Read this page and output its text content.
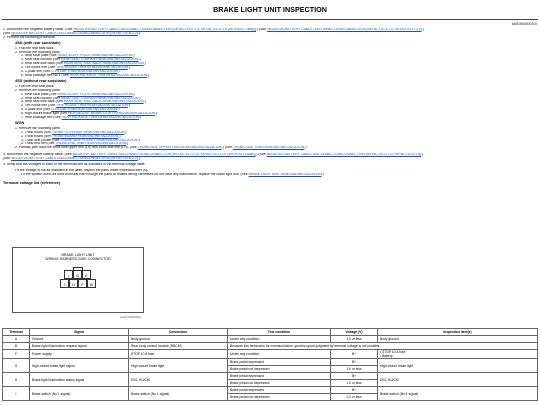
BRAKE LIGHT UNIT INSPECTION
id0818b0400100
1. Disconnect the negative battery cable. (See NEGATIVE BATTERY CABLE DISCONNECTION/CONNECTION [SKYACTIV-G 2.5, SKYACTIV-G 2.5 (WITHOUT i-stop)].) (See NEGATIVE BATTERY CABLE DISCONNECTION/CONNECTION [SKYACTIV-G 2.0, SKYACTIV-G 2.5].)
(See NEGATIVE BATTERY CABLE DISCONNECTION/CONNECTION [SKYACTIV-D 2.2].)
2. Perform the following procedure.
4SD (with rear sunshade)
1. Fold the rear seat back.
2. Remove the following parts:
1. Rear scuff plate (See REAR SCUFF PLATE REMOVAL/INSTALLATION.)
2. Rear seat cushion (See REAR SEAT CUSHION REMOVAL/INSTALLATION.)
3. Rear seat side back (See REAR SEAT SIDE BACK REMOVAL/INSTALLATION.)
4. Tire house trim (See TIRE HOUSE TRIM REMOVAL/INSTALLATION.)
5. C-pillar trim (See C-PILLAR TRIM REMOVAL/INSTALLATION.)
6. Rear package trim No.1 (See REAR PACKAGE TRIM REMOVAL/INSTALLATION.)
4SD (without rear sunshade)
1. Fold the rear seat back.
2. Remove the following parts:
1. Rear scuff plate (See REAR SCUFF PLATE REMOVAL/INSTALLATION.)
2. Rear seat cushion (See REAR SEAT CUSHION REMOVAL/INSTALLATION.)
3. Rear seat side back (See REAR SEAT SIDE BACK REMOVAL/INSTALLATION.)
4. Tire house trim (See TIRE HOUSE TRIM REMOVAL/INSTALLATION.)
5. C-pillar trim (See C-PILLAR TRIM REMOVAL/INSTALLATION.)
6. High-mount brake light (See HIGH-MOUNT BRAKE LIGHT REMOVAL/INSTALLATION.)
7. Rear package trim (See REAR PACKAGE TRIM REMOVAL/INSTALLATION.)
WGN
1. Remove the following parts:
1. Trunk board (See TRUNK COVERING REMOVAL/INSTALLATION.)
2. Trunk board (See TRUNK BOARD REMOVAL/INSTALLATION.)
3. Trunk side pocket (See TRUNK SIDE POCKET REMOVAL/INSTALLATION.)
4. Trunk end trim (See TRUNK END TRIM REMOVAL/INSTALLATION.)
2. Partially peel back the trunk side upper trim (LH) and trunk side trim (LH). (See TRUNK SIDE UPPER TRIM REMOVAL/INSTALLATION.) (See TRUNK SIDE TRIM REMOVAL/INSTALLATION.)
3. Reconnect the negative battery cable. (See NEGATIVE BATTERY CABLE DISCONNECTION/CONNECTION [SKYACTIV-G 2.5, SKYACTIV-G 2.5 (WITHOUT i-stop)].) (See NEGATIVE BATTERY CABLE DISCONNECTION/CONNECTION [SKYACTIV-G 2.0, SKYACTIV-G 2.5].)
(See NEGATIVE BATTERY CABLE DISCONNECTION/CONNECTION [SKYACTIV-D 2.2].)
4. Verify that the voltages of each of the terminals are as indicated in the terminal voltage table.
• If the voltage is not as indicated in the table, inspect the parts under inspection item (s).
• If the system does not work normally even though the parts or related wiring harnesses do not have any malfunction, replace the brake light unit. (See BRAKE LIGHT UNIT REMOVAL/INSTALLATION.)
Terminal voltage list (reference)
BRAKE LIGHT UNIT
WIRING HARNESS-SIDE CONNECTOR
I	G	E
J	H	F	B
am6zzw00003211
Terminal	Signal	Connection	Test condition	Voltage (V)	Inspection item(s)
A	Ground	Body ground	Under any condition	1.0 or less	Body ground
B	Brake light illumination request signal	Rear body control module (RBCM)	Because this terminal is for communication, good/no good judgment by terminal voltage is not possible.		
F	Power supply	STOP 10 A fuse	Under any condition	B+	• STOP 10 A fuse
• Battery
G	High-mount brake light signal	High-mount brake light	Brake pedal depressed	B+	High-mount brake light
			Brake pedal not depressed	1.0 or less	
H	Brake light illumination status signal	DSC HU/CM	Brake pedal depressed	B+	DSC HU/CM
			Brake pedal not depressed	1.0 or less	
I	Brake switch (No.1 signal)	Brake switch (No.1 signal)	Brake pedal depressed	B+	Brake switch (No.1 signal)
			Brake pedal not depressed	1.0 or less	
